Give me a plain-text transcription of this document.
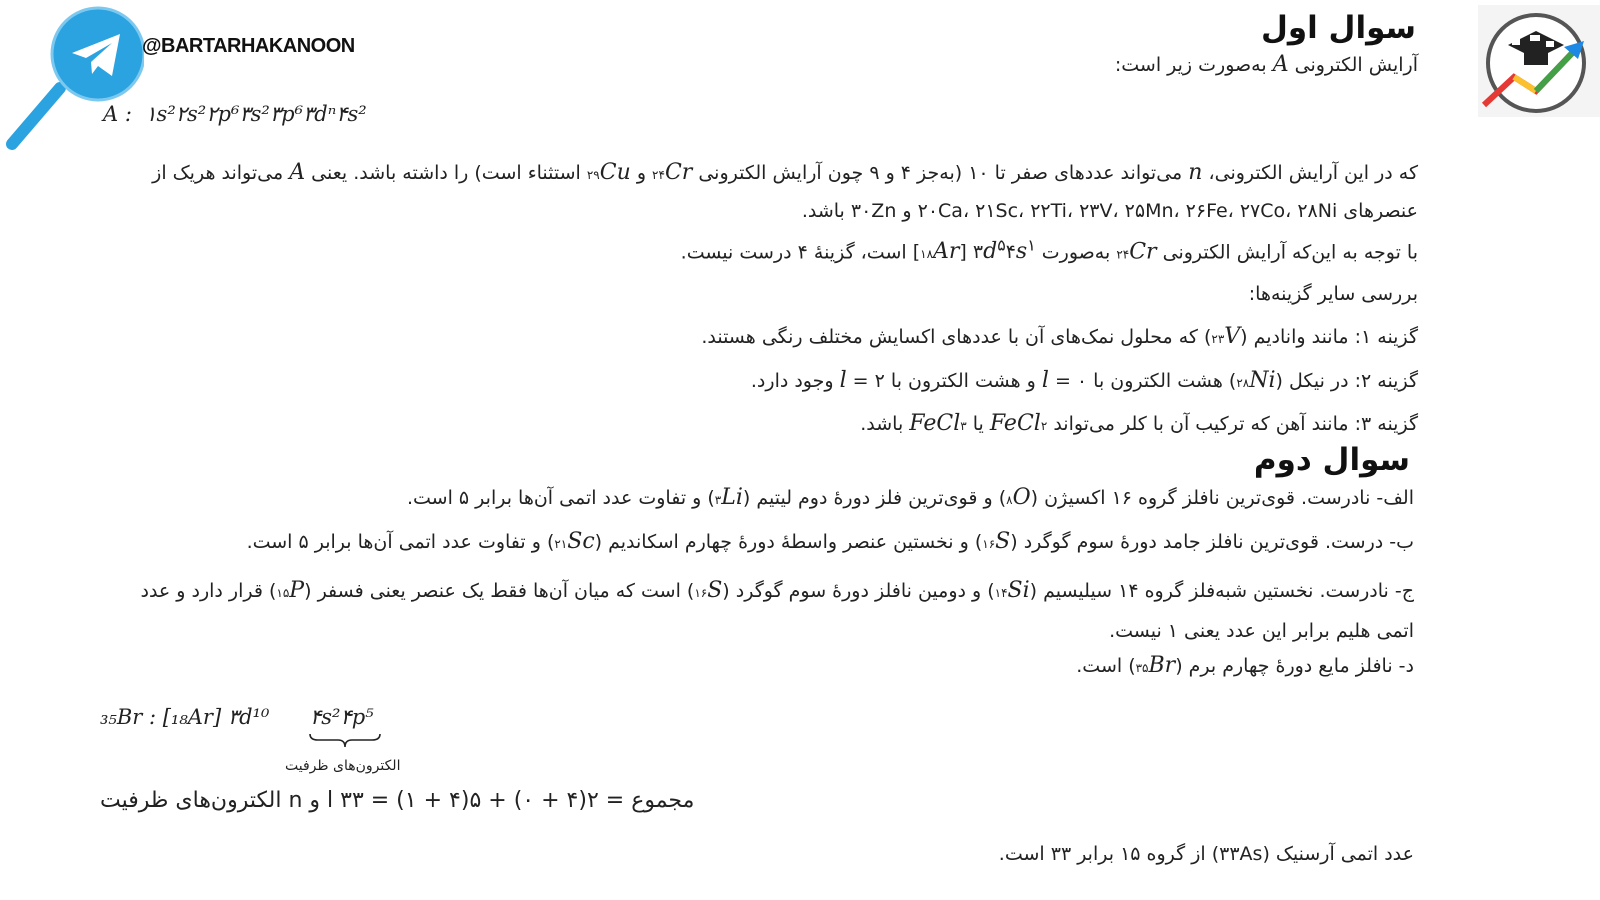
@BARTARHAKANOON	سوال اول
آرایش الکترونی A به‌صورت زیر است:
A : ۱s²۲s²۲p⁶۳s²۳p⁶۳dⁿ۴s²
که در این آرایش الکترونی، n می‌تواند عددهای صفر تا ۱۰ (به‌جز ۴ و ۹ چون آرایش الکترونی ۲۴Cr و ۲۹Cu استثناء است) را داشته باشد. یعنی A می‌تواند هریک از عنصرهای ۲۰Ca، ۲۱Sc، ۲۲Ti، ۲۳V، ۲۵Mn، ۲۶Fe، ۲۷Co، ۲۸Ni و ۳۰Zn باشد.
با توجه به این‌که آرایش الکترونی ۲۴Cr به‌صورت [۱۸Ar] $۳d^۵۴s^۱$ است، گزینهٔ ۴ درست نیست.
بررسی سایر گزینه‌ها:
گزینه ۱: مانند وانادیم (۲۳V) که محلول نمک‌های آن با عددهای اکسایش مختلف رنگی هستند.
گزینه ۲: در نیکل (۲۸Ni) هشت الکترون با l = ۰ و هشت الکترون با l = ۲ وجود دارد.
گزینه ۳: مانند آهن که ترکیب آن با کلر می‌تواند FeCl۲ یا FeCl۳ باشد.
سوال دوم
الف- نادرست. قوی‌ترین نافلز گروه ۱۶ اکسیژن (۸O) و قوی‌ترین فلز دورهٔ دوم لیتیم (۳Li) و تفاوت عدد اتمی آن‌ها برابر ۵ است.
ب- درست. قوی‌ترین نافلز جامد دورهٔ سوم گوگرد (۱۶S) و نخستین عنصر واسطهٔ دورهٔ چهارم اسکاندیم (۲۱Sc) و تفاوت عدد اتمی آن‌ها برابر ۵ است.
ج- نادرست. نخستین شبه‌فلز گروه ۱۴ سیلیسیم (۱۴Si) و دومین نافلز دورهٔ سوم گوگرد (۱۶S) است که میان آن‌ها فقط یک عنصر یعنی فسفر (۱۵P) قرار دارد و عدد اتمی هلیم برابر این عدد یعنی ۱ نیست.
د- نافلز مایع دورهٔ چهارم برم (۳۵Br) است.
₃₅Br : [₁₈Ar] ۳d¹⁰ ۴s²۴p⁵
الکترون‌های ظرفیت
الکترون‌های ظرفیت n و l مجموع = ۲(۴ + ۰) + ۵(۴ + ۱) = ۳۳
عدد اتمی آرسنیک (۳۳As) از گروه ۱۵ برابر ۳۳ است.
